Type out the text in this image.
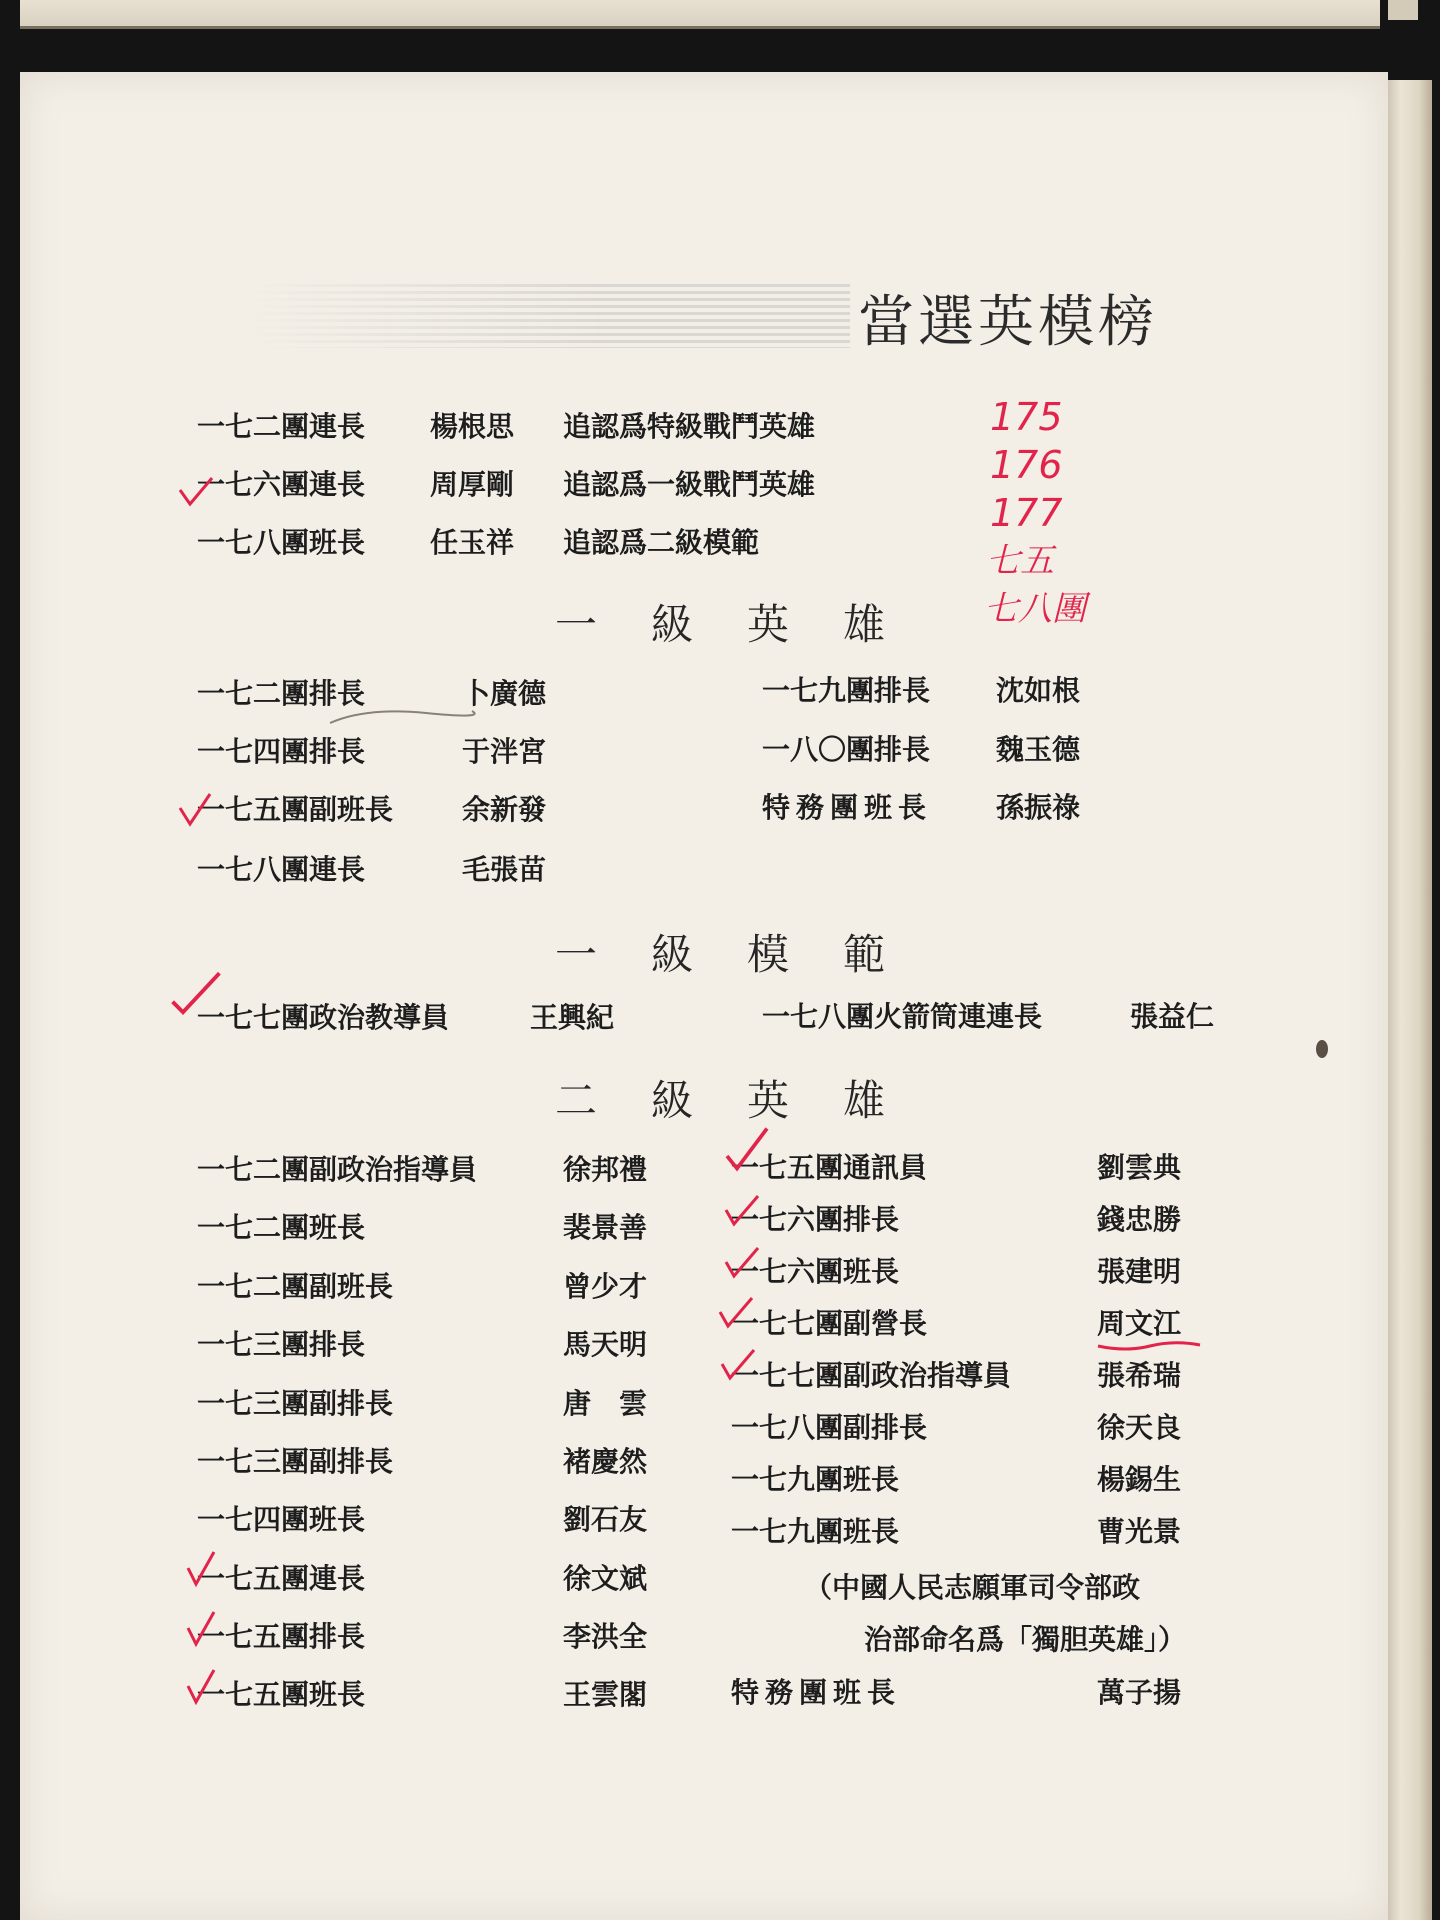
當選英模榜
一七二團連長 楊根思 追認爲特級戰鬥英雄
一七六團連長 周厚剛 追認爲一級戰鬥英雄
一七八團班長 任玉祥 追認爲二級模範
175
176
177
七五
七八團
一級英雄
一七二團排長	卜廣德
一七四團排長	于泮宮
一七五團副班長 余新發
一七八團連長	毛張苗
一七九團排長 沈如根
一八〇團排長 魏玉德
特務團班長 孫振祿
一級模範
一七七團政治教導員	王興紀	一七八團火箭筒連連長	張益仁
二級英雄
一七二團副政治指導員	徐邦禮
一七二團班長	裴景善
一七二團副班長	曾少才
一七三團排長	馬天明
一七三團副排長	唐　雲
一七三團副排長	褚慶然
一七四團班長	劉石友
一七五團連長	徐文斌
一七五團排長	李洪全
一七五團班長	王雲閣
一七五團通訊員	劉雲典
一七六團排長	錢忠勝
一七六團班長	張建明
一七七團副營長	周文江
一七七團副政治指導員	張希瑞
一七八團副排長	徐天良
一七九團班長	楊錫生
一七九團班長	曹光景
（中國人民志願軍司令部政
治部命名爲「獨胆英雄」）
特務團班長	萬子揚
